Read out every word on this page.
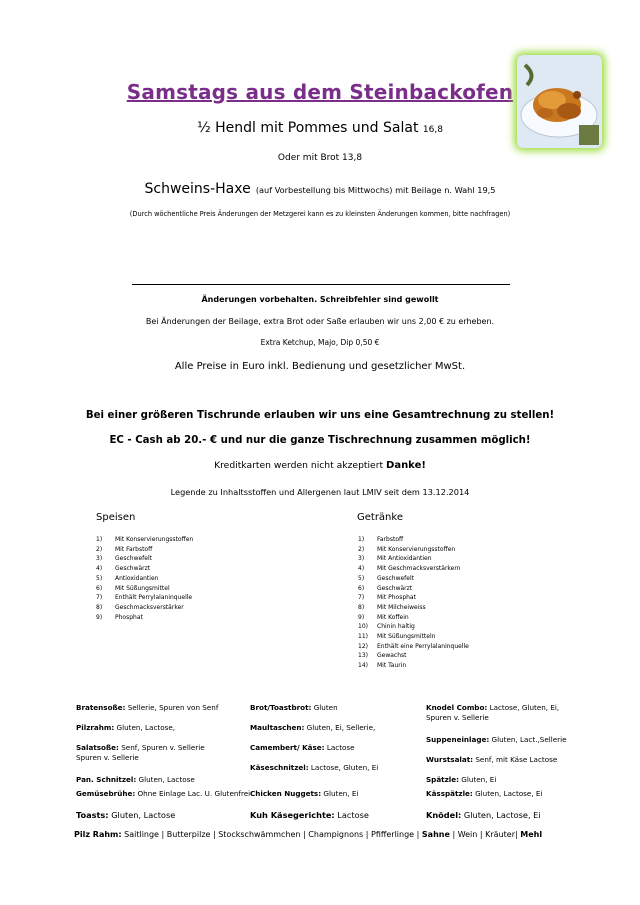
Samstags aus dem Steinbackofen
½ Hendl mit Pommes und Salat 16,8
Oder mit Brot 13,8
Schweins-Haxe (auf Vorbestellung bis Mittwochs) mit Beilage n. Wahl 19,5
(Durch wöchentliche Preis Änderungen der Metzgerei kann es zu kleinsten Änderungen kommen, bitte nachfragen)
Änderungen vorbehalten. Schreibfehler sind gewollt
Bei Änderungen der Beilage, extra Brot oder Saße erlauben wir uns 2,00 € zu erheben.
Extra Ketchup, Majo, Dip 0,50 €
Alle Preise in Euro inkl. Bedienung und gesetzlicher MwSt.
Bei einer größeren Tischrunde erlauben wir uns eine Gesamtrechnung zu stellen!
EC - Cash ab 20.- € und nur die ganze Tischrechnung zusammen möglich!
Kreditkarten werden nicht akzeptiert Danke!
Legende zu Inhaltsstoffen und Allergenen laut LMIV seit dem 13.12.2014
Speisen	Getränke
1) Mit Konservierungsstoffen
2) Mit Farbstoff
3) Geschwefelt
4) Geschwärzt
5) Antioxidantien
6) Mit Süßungsmittel
7) Enthält Perrylalaninquelle
8) Geschmacksverstärker
9) Phosphat
1) Farbstoff
2) Mit Konservierungsstoffen
3) Mit Antioxidantien
4) Mit Geschmacksverstärkern
5) Geschwefelt
6) Geschwärzt
7) Mit Phosphat
8) Mit Milcheiweiss
9) Mit Koffein
10) Chinin haltig
11) Mit Süßungsmitteln
12) Enthält eine Perrylalaninquelle
13) Gewachst
14) Mit Taurin
Bratensoße: Sellerie, Spuren von Senf
Pilzrahm: Gluten, Lactose,
Salatsoße: Senf, Spuren v. Sellerie
Spuren v. Sellerie
Pan. Schnitzel: Gluten, Lactose
Gemüsebrühe: Ohne Einlage Lac. U. Glutenfrei
Toasts: Gluten, Lactose
Brot/Toastbrot: Gluten
Maultaschen: Gluten, Ei, Sellerie,
Camembert/ Käse: Lactose
Käseschnitzel: Lactose, Gluten, Ei
Chicken Nuggets: Gluten, Ei
Kuh Käsegerichte: Lactose
Knodel Combo: Lactose, Gluten, Ei,
Spuren v. Sellerie
Suppeneinlage: Gluten, Lact.,Sellerie
Wurstsalat: Senf, mit Käse Lactose
Spätzle: Gluten, Ei
Kässpätzle: Gluten, Lactose, Ei
Knödel: Gluten, Lactose, Ei
Pilz Rahm: Saitlinge | Butterpilze | Stockschwämmchen | Champignons | Pfifferlinge | Sahne | Wein | Kräuter| Mehl
